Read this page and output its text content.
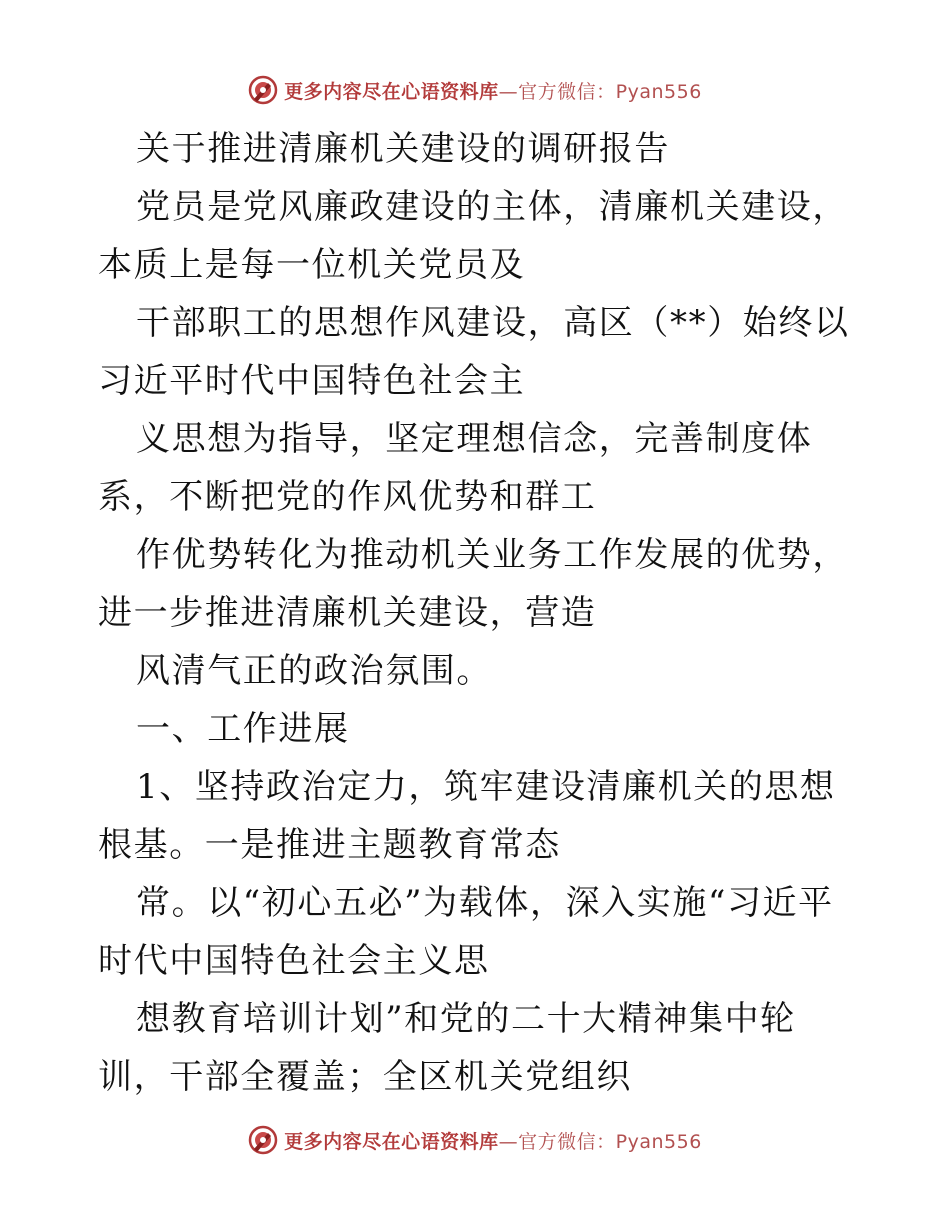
更多内容尽在心语资料库—官方微信：Pyan556

关于推进清廉机关建设的调研报告

党员是党风廉政建设的主体，清廉机关建设，本质上是每一位机关党员及

干部职工的思想作风建设，高区（**）始终以习近平时代中国特色社会主

义思想为指导，坚定理想信念，完善制度体系，不断把党的作风优势和群工

作优势转化为推动机关业务工作发展的优势，进一步推进清廉机关建设，营造

风清气正的政治氛围。

一、工作进展

1、坚持政治定力，筑牢建设清廉机关的思想根基。一是推进主题教育常态

常。以“初心五必”为载体，深入实施“习近平时代中国特色社会主义思

想教育培训计划”和党的二十大精神集中轮训，干部全覆盖；全区机关党组织

更多内容尽在心语资料库—官方微信：Pyan556
